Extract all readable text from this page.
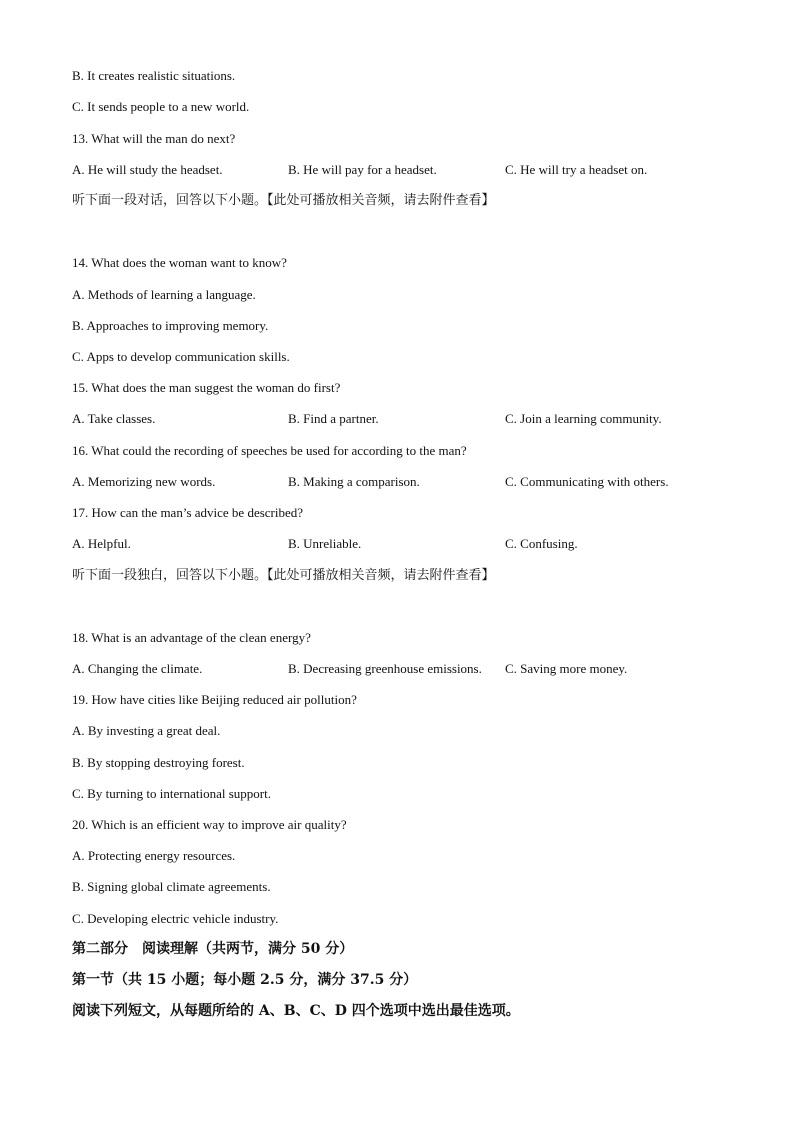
B. It creates realistic situations.
C. It sends people to a new world.
13. What will the man do next?
A. He will study the headset.	B. He will pay for a headset.	C. He will try a headset on.
听下面一段对话，回答以下小题。【此处可播放相关音频，请去附件查看】
14. What does the woman want to know?
A. Methods of learning a language.
B. Approaches to improving memory.
C. Apps to develop communication skills.
15. What does the man suggest the woman do first?
A. Take classes.	B. Find a partner.	C. Join a learning community.
16. What could the recording of speeches be used for according to the man?
A. Memorizing new words.	B. Making a comparison.	C. Communicating with others.
17. How can the man’s advice be described?
A. Helpful.	B. Unreliable.	C. Confusing.
听下面一段独白，回答以下小题。【此处可播放相关音频，请去附件查看】
18. What is an advantage of the clean energy?
A. Changing the climate.	B. Decreasing greenhouse emissions. C. Saving more money.
19. How have cities like Beijing reduced air pollution?
A. By investing a great deal.
B. By stopping destroying forest.
C. By turning to international support.
20. Which is an efficient way to improve air quality?
A. Protecting energy resources.
B. Signing global climate agreements.
C. Developing electric vehicle industry.
第二部分　阅读理解（共两节，满分 50 分）
第一节（共 15 小题；每小题 2.5 分，满分 37.5 分）
阅读下列短文，从每题所给的 A、B、C、D 四个选项中选出最佳选项。
